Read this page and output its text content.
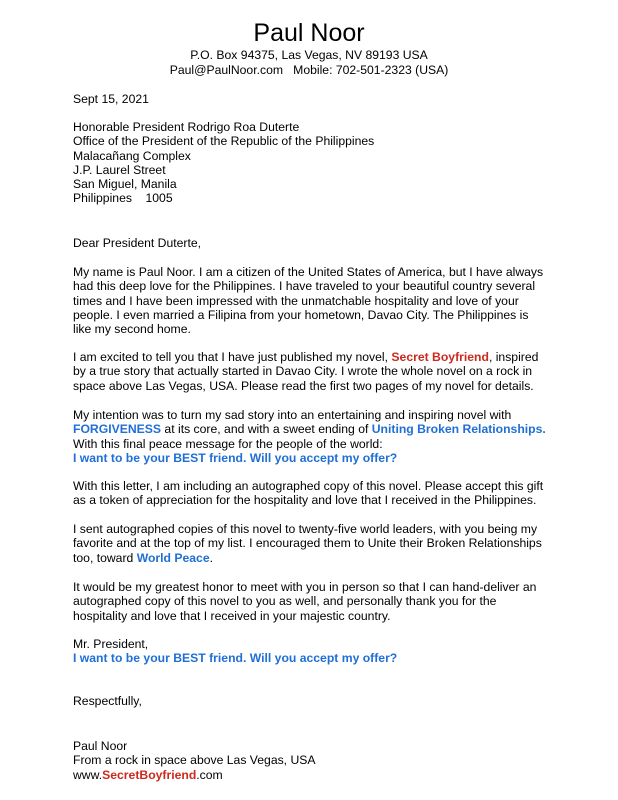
Paul Noor
P.O. Box 94375, Las Vegas, NV 89193 USA
Paul@PaulNoor.com Mobile: 702-501-2323 (USA)

Sept 15, 2021

Honorable President Rodrigo Roa Duterte

Office of the President of the Republic of the Philippines

Malacañang Complex

J.P. Laurel Street

San Miguel, Manila

Philippines    1005

Dear President Duterte,

My name is Paul Noor. I am a citizen of the United States of America, but I have always

had this deep love for the Philippines. I have traveled to your beautiful country several

times and I have been impressed with the unmatchable hospitality and love of your

people. I even married a Filipina from your hometown, Davao City. The Philippines is

like my second home.

I am excited to tell you that I have just published my novel, Secret Boyfriend, inspired

by a true story that actually started in Davao City. I wrote the whole novel on a rock in

space above Las Vegas, USA. Please read the first two pages of my novel for details.

My intention was to turn my sad story into an entertaining and inspiring novel with

FORGIVENESS at its core, and with a sweet ending of Uniting Broken Relationships.

With this final peace message for the people of the world:

I want to be your BEST friend. Will you accept my offer?

With this letter, I am including an autographed copy of this novel. Please accept this gift

as a token of appreciation for the hospitality and love that I received in the Philippines.

I sent autographed copies of this novel to twenty-five world leaders, with you being my

favorite and at the top of my list. I encouraged them to Unite their Broken Relationships

too, toward World Peace.

It would be my greatest honor to meet with you in person so that I can hand-deliver an

autographed copy of this novel to you as well, and personally thank you for the

hospitality and love that I received in your majestic country.

Mr. President,

I want to be your BEST friend. Will you accept my offer?

Respectfully,

Paul Noor

From a rock in space above Las Vegas, USA

www.SecretBoyfriend.com
